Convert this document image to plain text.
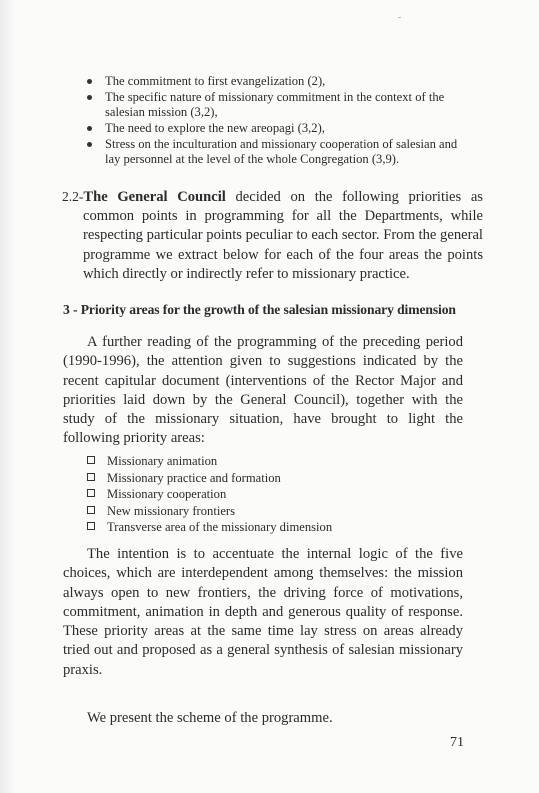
The commitment to first evangelization (2),
The specific nature of missionary commitment in the context of the salesian mission (3,2),
The need to explore the new areopagi (3,2),
Stress on the inculturation and missionary cooperation of salesian and lay personnel at the level of the whole Congregation (3,9).
2.2-The General Council decided on the following priorities as common points in programming for all the Departments, while respecting particular points peculiar to each sector. From the general programme we extract below for each of the four areas the points which directly or indirectly refer to missionary practice.
3 - Priority areas for the growth of the salesian missionary dimension

A further reading of the programming of the preceding period (1990-1996), the attention given to suggestions indicated by the recent capitular document (interventions of the Rector Major and priorities laid down by the General Council), together with the study of the missionary situation, have brought to light the following priority areas:

Missionary animation
Missionary practice and formation
Missionary cooperation
New missionary frontiers
Transverse area of the missionary dimension

The intention is to accentuate the internal logic of the five choices, which are interdependent among themselves: the mission always open to new frontiers, the driving force of motivations, commitment, animation in depth and generous quality of response. These priority areas at the same time lay stress on areas already tried out and proposed as a general synthesis of salesian missionary praxis.

We present the scheme of the programme.

71
